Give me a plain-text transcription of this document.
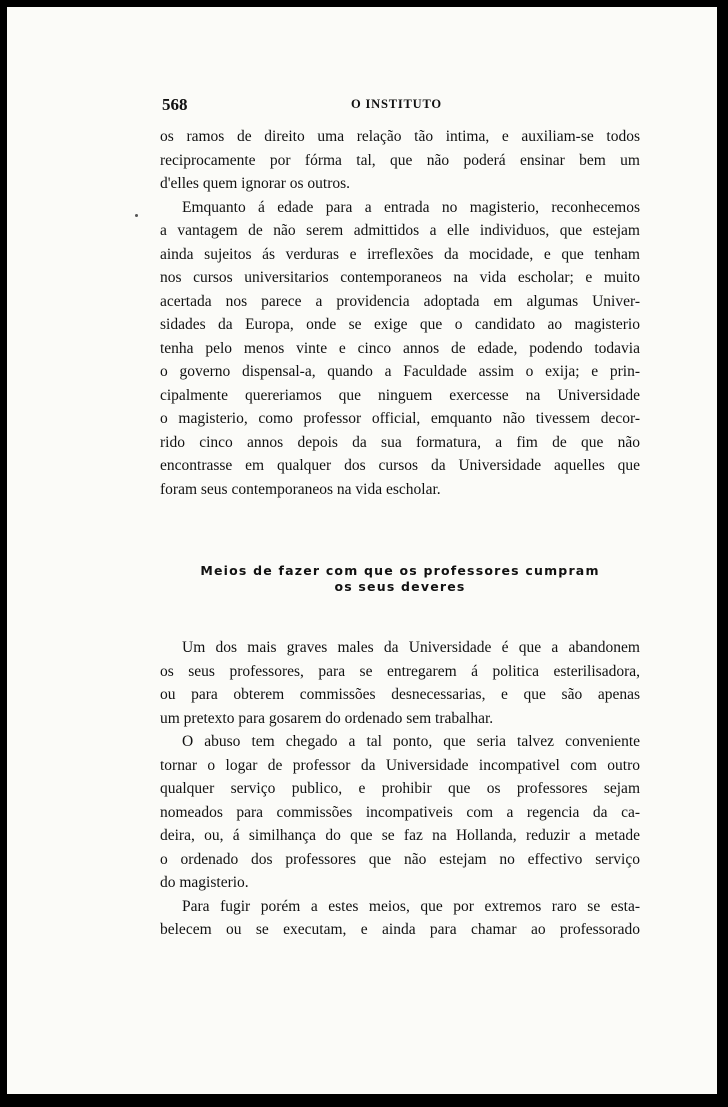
568	O INSTITUTO
os ramos de direito uma relação tão intima, e auxiliam-se todos
reciprocamente por fórma tal, que não poderá ensinar bem um
d'elles quem ignorar os outros.
Emquanto á edade para a entrada no magisterio, reconhecemos
a vantagem de não serem admittidos a elle individuos, que estejam
ainda sujeitos ás verduras e irreflexões da mocidade, e que tenham
nos cursos universitarios contemporaneos na vida escholar; e muito
acertada nos parece a providencia adoptada em algumas Univer-
sidades da Europa, onde se exige que o candidato ao magisterio
tenha pelo menos vinte e cinco annos de edade, podendo todavia
o governo dispensal-a, quando a Faculdade assim o exija; e prin-
cipalmente quereriamos que ninguem exercesse na Universidade
o magisterio, como professor official, emquanto não tivessem decor-
rido cinco annos depois da sua formatura, a fim de que não
encontrasse em qualquer dos cursos da Universidade aquelles que
foram seus contemporaneos na vida escholar.
Meios de fazer com que os professores cumpram
os seus deveres
Um dos mais graves males da Universidade é que a abandonem
os seus professores, para se entregarem á politica esterilisadora,
ou para obterem commissões desnecessarias, e que são apenas
um pretexto para gosarem do ordenado sem trabalhar.
O abuso tem chegado a tal ponto, que seria talvez conveniente
tornar o logar de professor da Universidade incompativel com outro
qualquer serviço publico, e prohibir que os professores sejam
nomeados para commissões incompativeis com a regencia da ca-
deira, ou, á similhança do que se faz na Hollanda, reduzir a metade
o ordenado dos professores que não estejam no effectivo serviço
do magisterio.
Para fugir porém a estes meios, que por extremos raro se esta-
belecem ou se executam, e ainda para chamar ao professorado
